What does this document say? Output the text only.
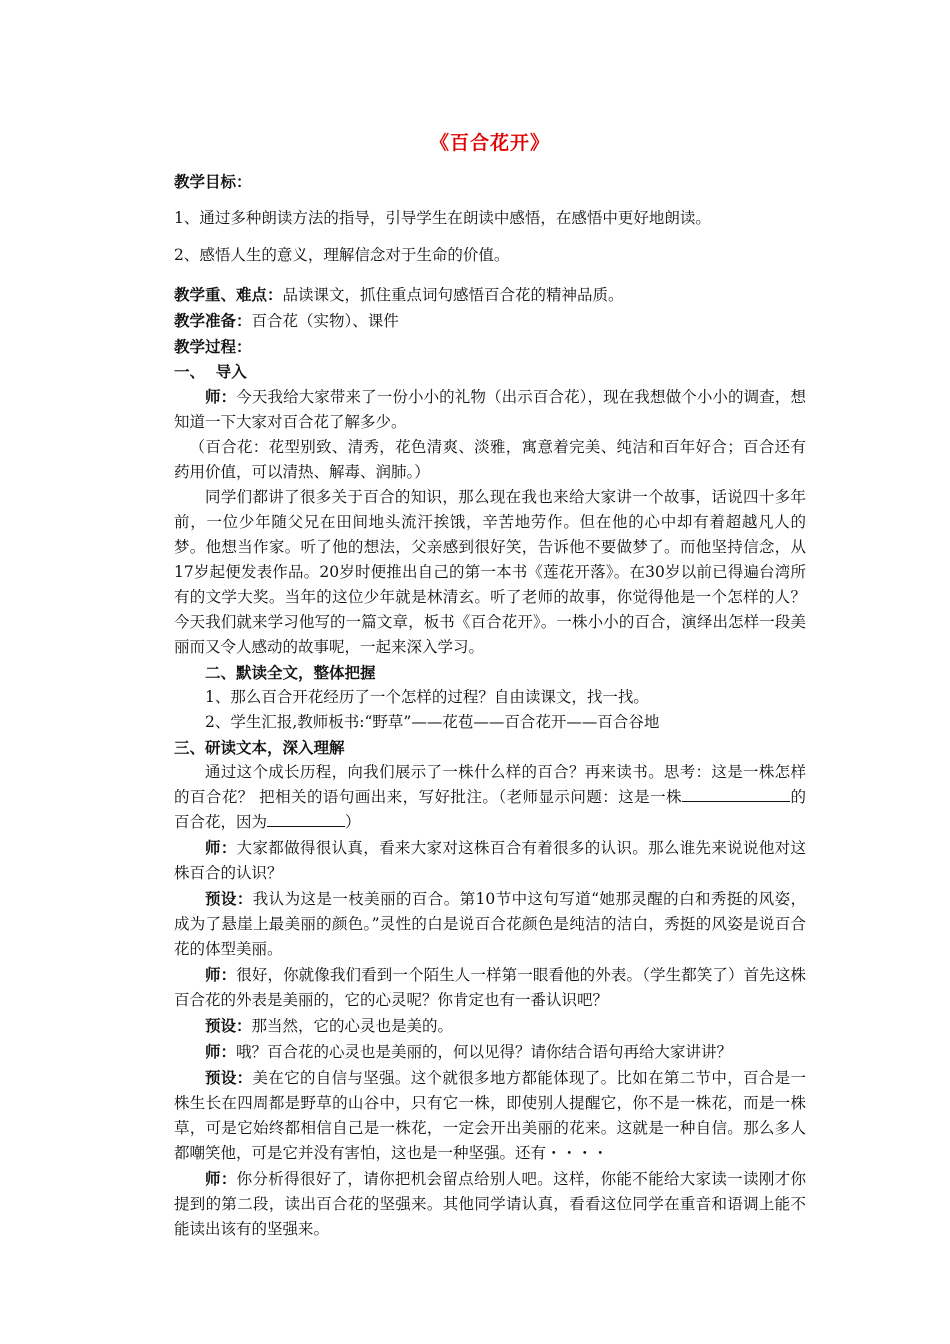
《百合花开》

教学目标：

1、通过多种朗读方法的指导，引导学生在朗读中感悟，在感悟中更好地朗读。

2、感悟人生的意义，理解信念对于生命的价值。

教学重、难点：品读课文，抓住重点词句感悟百合花的精神品质。

教学准备：百合花（实物）、课件

教学过程：

一、  导入

师：今天我给大家带来了一份小小的礼物（出示百合花），现在我想做个小小的调查，想知道一下大家对百合花了解多少。

（百合花：花型别致、清秀，花色清爽、淡雅，寓意着完美、纯洁和百年好合；百合还有药用价值，可以清热、解毒、润肺。）

同学们都讲了很多关于百合的知识，那么现在我也来给大家讲一个故事，话说四十多年前，一位少年随父兄在田间地头流汗挨饿，辛苦地劳作。但在他的心中却有着超越凡人的梦。他想当作家。听了他的想法，父亲感到很好笑，告诉他不要做梦了。而他坚持信念，从17岁起便发表作品。20岁时便推出自己的第一本书《莲花开落》。在30岁以前已得遍台湾所有的文学大奖。当年的这位少年就是林清玄。听了老师的故事，你觉得他是一个怎样的人？ 今天我们就来学习他写的一篇文章，板书《百合花开》。一株小小的百合，演绎出怎样一段美丽而又令人感动的故事呢，一起来深入学习。

二、默读全文，整体把握

1、那么百合开花经历了一个怎样的过程？自由读课文，找一找。

2、学生汇报,教师板书:“野草”——花苞——百合花开——百合谷地

三、研读文本，深入理解

通过这个成长历程，向我们展示了一株什么样的百合？再来读书。思考：这是一株怎样的百合花？ 把相关的语句画出来，写好批注。（老师显示问题：这是一株	的百合花，因为	）

师：大家都做得很认真，看来大家对这株百合有着很多的认识。那么谁先来说说他对这株百合的认识？

预设：我认为这是一枝美丽的百合。第10节中这句写道“她那灵醒的白和秀挺的风姿，成为了悬崖上最美丽的颜色。”灵性的白是说百合花颜色是纯洁的洁白，秀挺的风姿是说百合花的体型美丽。

师：很好，你就像我们看到一个陌生人一样第一眼看他的外表。（学生都笑了）首先这株百合花的外表是美丽的，它的心灵呢？你肯定也有一番认识吧？

预设：那当然，它的心灵也是美的。

师：哦？百合花的心灵也是美丽的，何以见得？请你结合语句再给大家讲讲？

预设：美在它的自信与坚强。这个就很多地方都能体现了。比如在第二节中，百合是一株生长在四周都是野草的山谷中，只有它一株，即使别人提醒它，你不是一株花，而是一株草，可是它始终都相信自己是一株花，一定会开出美丽的花来。这就是一种自信。那么多人都嘲笑他，可是它并没有害怕，这也是一种坚强。还有・・・・

师：你分析得很好了，请你把机会留点给别人吧。这样，你能不能给大家读一读刚才你提到的第二段，读出百合花的坚强来。其他同学请认真，看看这位同学在重音和语调上能不能读出该有的坚强来。
